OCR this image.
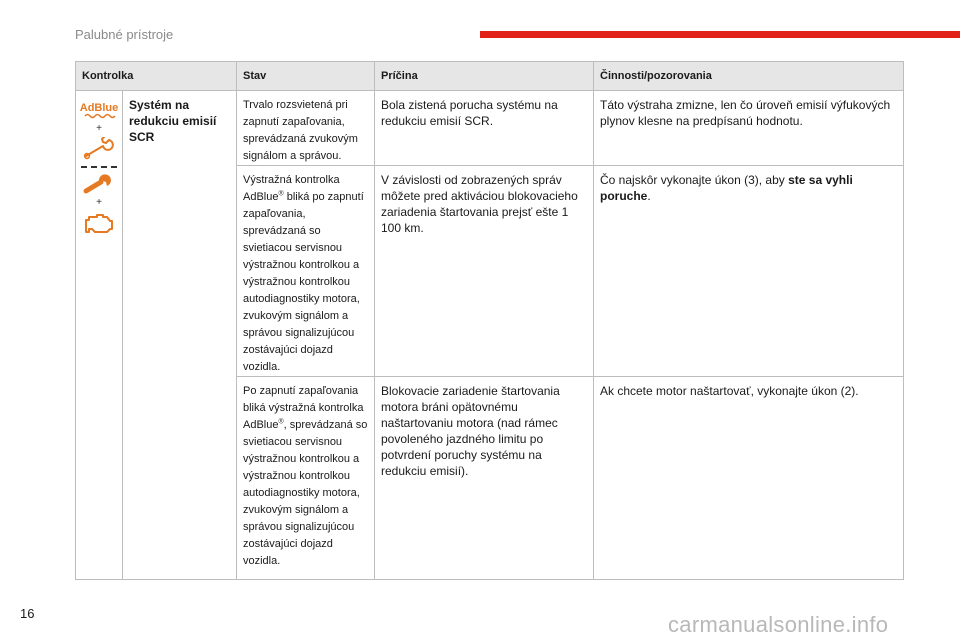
Palubné prístroje
Kontrolka		Stav	Príčina	Činnosti/pozorovania

AdBlue
+
+	Systém na redukciu emisií SCR	Trvalo rozsvietená pri zapnutí zapaľovania, sprevádzaná zvukovým signálom a správou.	Bola zistená porucha systému na redukciu emisií SCR.	Táto výstraha zmizne, len čo úroveň emisií výfukových plynov klesne na predpísanú hodnotu.
		Výstražná kontrolka AdBlue® bliká po zapnutí zapaľovania, sprevádzaná so svietiacou servisnou výstražnou kontrolkou a výstražnou kontrolkou autodiagnostiky motora, zvukovým signálom a správou signalizujúcou zostávajúci dojazd vozidla.	V závislosti od zobrazených správ môžete pred aktiváciou blokovacieho zariadenia štartovania prejsť ešte 1 100 km.	Čo najskôr vykonajte úkon (3), aby ste sa vyhli poruche.
		Po zapnutí zapaľovania bliká výstražná kontrolka AdBlue®, sprevádzaná so svietiacou servisnou výstražnou kontrolkou a výstražnou kontrolkou autodiagnostiky motora, zvukovým signálom a správou signalizujúcou zostávajúci dojazd vozidla.	Blokovacie zariadenie štartovania motora bráni opätovnému naštartovaniu motora (nad rámec povoleného jazdného limitu po potvrdení poruchy systému na redukciu emisií).	Ak chcete motor naštartovať, vykonajte úkon (2).
16	carmanualsonline.info
